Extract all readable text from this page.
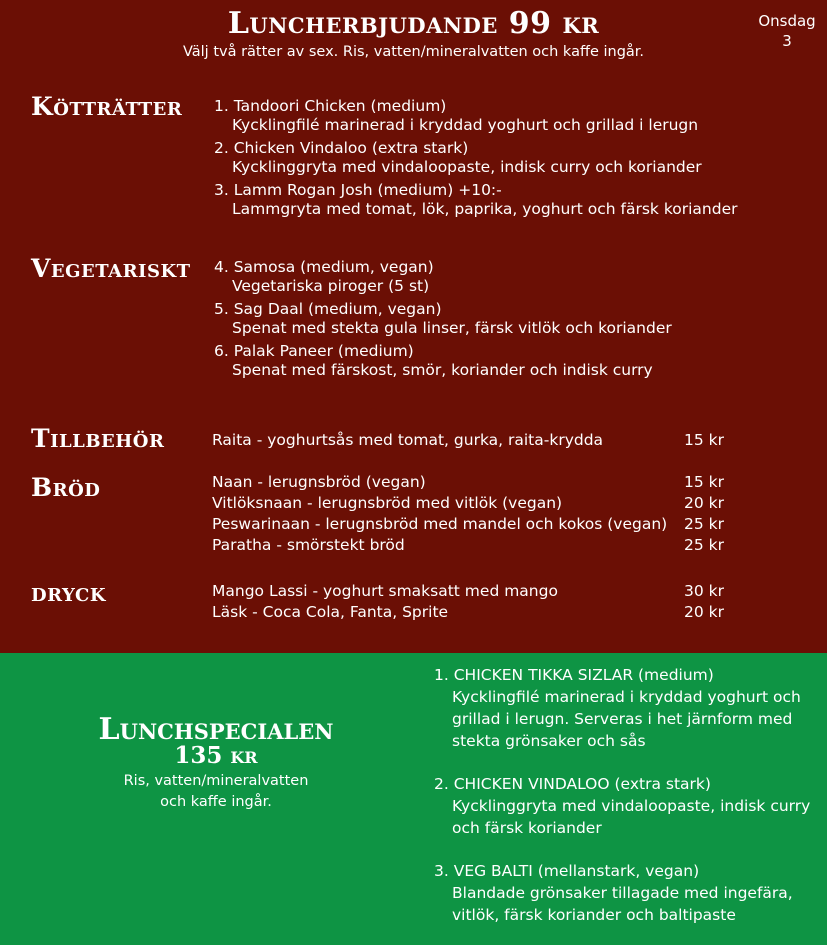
Luncherbjudande 99 kr
Välj två rätter av sex. Ris, vatten/mineralvatten och kaffe ingår.
Onsdag
3
Kötträtter
Vegetariskt
Tillbehör
Bröd
dryck
1. Tandoori Chicken (medium)
Kycklingfilé marinerad i kryddad yoghurt och grillad i lerugn
2. Chicken Vindaloo (extra stark)
Kycklinggryta med vindaloopaste, indisk curry och koriander
3. Lamm Rogan Josh (medium) +10:-
Lammgryta med tomat, lök, paprika, yoghurt och färsk koriander
4. Samosa (medium, vegan)
Vegetariska piroger (5 st)
5. Sag Daal (medium, vegan)
Spenat med stekta gula linser, färsk vitlök och koriander
6. Palak Paneer (medium)
Spenat med färskost, smör, koriander och indisk curry
Raita - yoghurtsås med tomat, gurka, raita-krydda	15 kr
Naan - lerugnsbröd (vegan)	15 kr
Vitlöksnaan - lerugnsbröd med vitlök (vegan)	20 kr
Peswarinaan - lerugnsbröd med mandel och kokos (vegan)	25 kr
Paratha - smörstekt bröd	25 kr
Mango Lassi - yoghurt smaksatt med mango	30 kr
Läsk - Coca Cola, Fanta, Sprite	20 kr
Lunchspecialen
135 kr
Ris, vatten/mineralvatten
och kaffe ingår.
1. CHICKEN TIKKA SIZLAR (medium)
Kycklingfilé marinerad i kryddad yoghurt och grillad i lerugn. Serveras i het järnform med stekta grönsaker och sås
2. CHICKEN VINDALOO (extra stark)
Kycklinggryta med vindaloopaste, indisk curry och färsk koriander
3. VEG BALTI (mellanstark, vegan)
Blandade grönsaker tillagade med ingefära, vitlök, färsk koriander och baltipaste
